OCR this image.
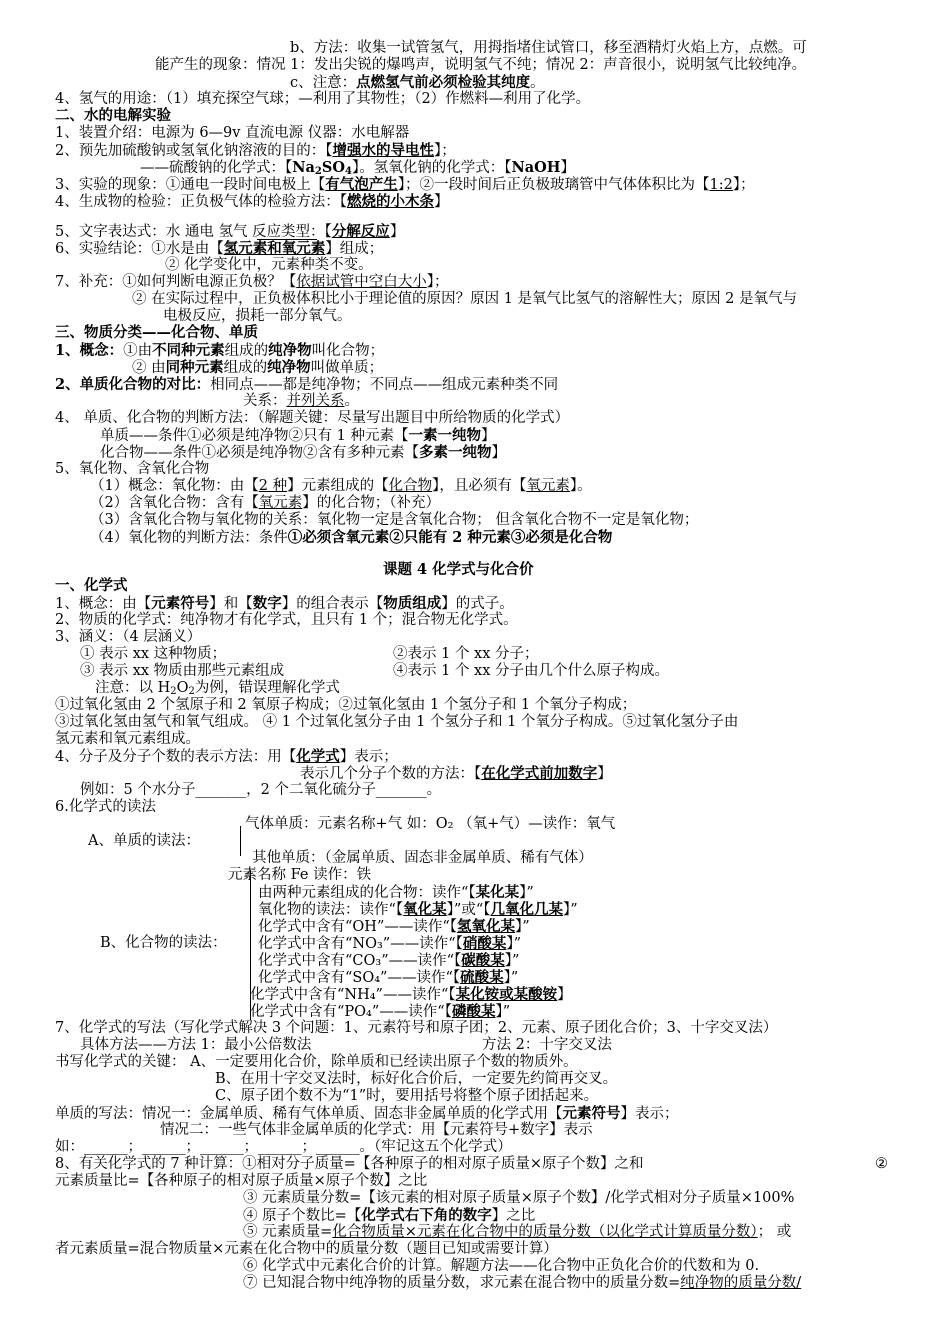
b、方法：收集一试管氢气，用拇指堵住试管口，移至酒精灯火焰上方，点燃。可
能产生的现象：情况 1：发出尖锐的爆鸣声，说明氢气不纯；情况 2：声音很小，说明氢气比较纯净。
c、注意：点燃氢气前必须检验其纯度。
4、氢气的用途：（1）填充探空气球；—利用了其物性；（2）作燃料—利用了化学。
二、水的电解实验
1、装置介绍：电源为 6—9v 直流电源 仪器：水电解器
2、预先加硫酸钠或氢氧化钠溶液的目的：【增强水的导电性】；
——硫酸钠的化学式：【$Na_2SO_4$】。氢氧化钠的化学式：【NaOH】
3、实验的现象：①通电一段时间电极上【有气泡产生】；②一段时间后正负极玻璃管中气体体积比为【1:2】；
4、生成物的检验：正负极气体的检验方法：【燃烧的小木条】
5、文字表达式：水 通电 氢气 反应类型：【分解反应】
6、实验结论：①水是由【氢元素和氧元素】组成；
② 化学变化中，元素种类不变。
7、补充：①如何判断电源正负极？【依据试管中空白大小】；
② 在实际过程中，正负极体积比小于理论值的原因？原因 1 是氧气比氢气的溶解性大；原因 2 是氧气与
电极反应，损耗一部分氧气。
三、物质分类——化合物、单质
1、概念：①由不同种元素组成的纯净物叫化合物；
② 由同种元素组成的纯净物叫做单质；
2、单质化合物的对比：相同点——都是纯净物；不同点——组成元素种类不同
关系：并列关系。
4、 单质、化合物的判断方法：（解题关键：尽量写出题目中所给物质的化学式）
单质——条件①必须是纯净物②只有 1 种元素【一素一纯物】
化合物——条件①必须是纯净物②含有多种元素【多素一纯物】
5、氧化物、含氧化合物
（1）概念：氧化物：由【2 种】元素组成的【化合物】，且必须有【氧元素】。
（2）含氧化合物：含有【氧元素】的化合物；（补充）
（3）含氧化合物与氧化物的关系：氧化物一定是含氧化合物； 但含氧化合物不一定是氧化物；
（4）氧化物的判断方法：条件①必须含氧元素②只能有 2 种元素③必须是化合物
课题 4 化学式与化合价
一、化学式
1、概念：由【元素符号】和【数字】的组合表示【物质组成】的式子。
2、物质的化学式：纯净物才有化学式，且只有 1 个；混合物无化学式。
3、涵义：（4 层涵义）
① 表示 xx 这种物质；	②表示 1 个 xx 分子；
③ 表示 xx 物质由那些元素组成	④表示 1 个 xx 分子由几个什么原子构成。
注意：以 $H_2O_2$为例，错误理解化学式
①过氧化氢由 2 个氢原子和 2 氧原子构成；②过氧化氢由 1 个氢分子和 1 个氧分子构成；
③过氧化氢由氢气和氧气组成。 ④ 1 个过氧化氢分子由 1 个氢分子和 1 个氧分子构成。⑤过氧化氢分子由
氢元素和氧元素组成。
4、分子及分子个数的表示方法：用【化学式】表示；
表示几个分子个数的方法：【在化学式前加数字】
例如：5 个水分子_______，2 个二氧化硫分子_______。
6.化学式的读法
气体单质：元素名称+气 如：O₂ （氧+气）—读作：氧气
A、单质的读法：
其他单质：（金属单质、固态非金属单质、稀有气体）
元素名称 Fe 读作：铁
由两种元素组成的化合物：读作“【某化某】”
氧化物的读法：读作“【氧化某】”或“【几氧化几某】”
化学式中含有“OH”——读作“【氢氧化某】”
B、化合物的读法： 化学式中含有“NO₃”——读作“【硝酸某】”
化学式中含有“CO₃”——读作“【碳酸某】”
化学式中含有“SO₄”——读作“【硫酸某】”
化学式中含有“NH₄”——读作“【某化铵或某酸铵】
化学式中含有“PO₄”——读作“【磷酸某】”
7、化学式的写法（写化学式解决 3 个问题：1、元素符号和原子团；2、元素、原子团化合价；3、十字交叉法）
具体方法——方法 1：最小公倍数法	方法 2：十字交叉法
书写化学式的关键： A、一定要用化合价，除单质和已经读出原子个数的物质外。
B、在用十字交叉法时，标好化合价后，一定要先约简再交叉。
C、原子团个数不为“1”时，要用括号将整个原子团括起来。
单质的写法：情况一：金属单质、稀有气体单质、固态非金属单质的化学式用【元素符号】表示；
情况二：一些气体非金属单质的化学式：用【元素符号+数字】表示
如：______；______；______；______；______。（牢记这五个化学式）
8、有关化学式的 7 种计算：①相对分子质量=【各种原子的相对原子质量×原子个数】之和	②
元素质量比=【各种原子的相对原子质量×原子个数】之比
③ 元素质量分数=【该元素的相对原子质量×原子个数】/化学式相对分子质量×100%
④ 原子个数比=【化学式右下角的数字】之比
⑤ 元素质量=化合物质量×元素在化合物中的质量分数（以化学式计算质量分数）； 或
者元素质量=混合物质量×元素在化合物中的质量分数（题目已知或需要计算）
⑥ 化学式中元素化合价的计算。解题方法——化合物中正负化合价的代数和为 0.
⑦ 已知混合物中纯净物的质量分数，求元素在混合物中的质量分数=纯净物的质量分数/
